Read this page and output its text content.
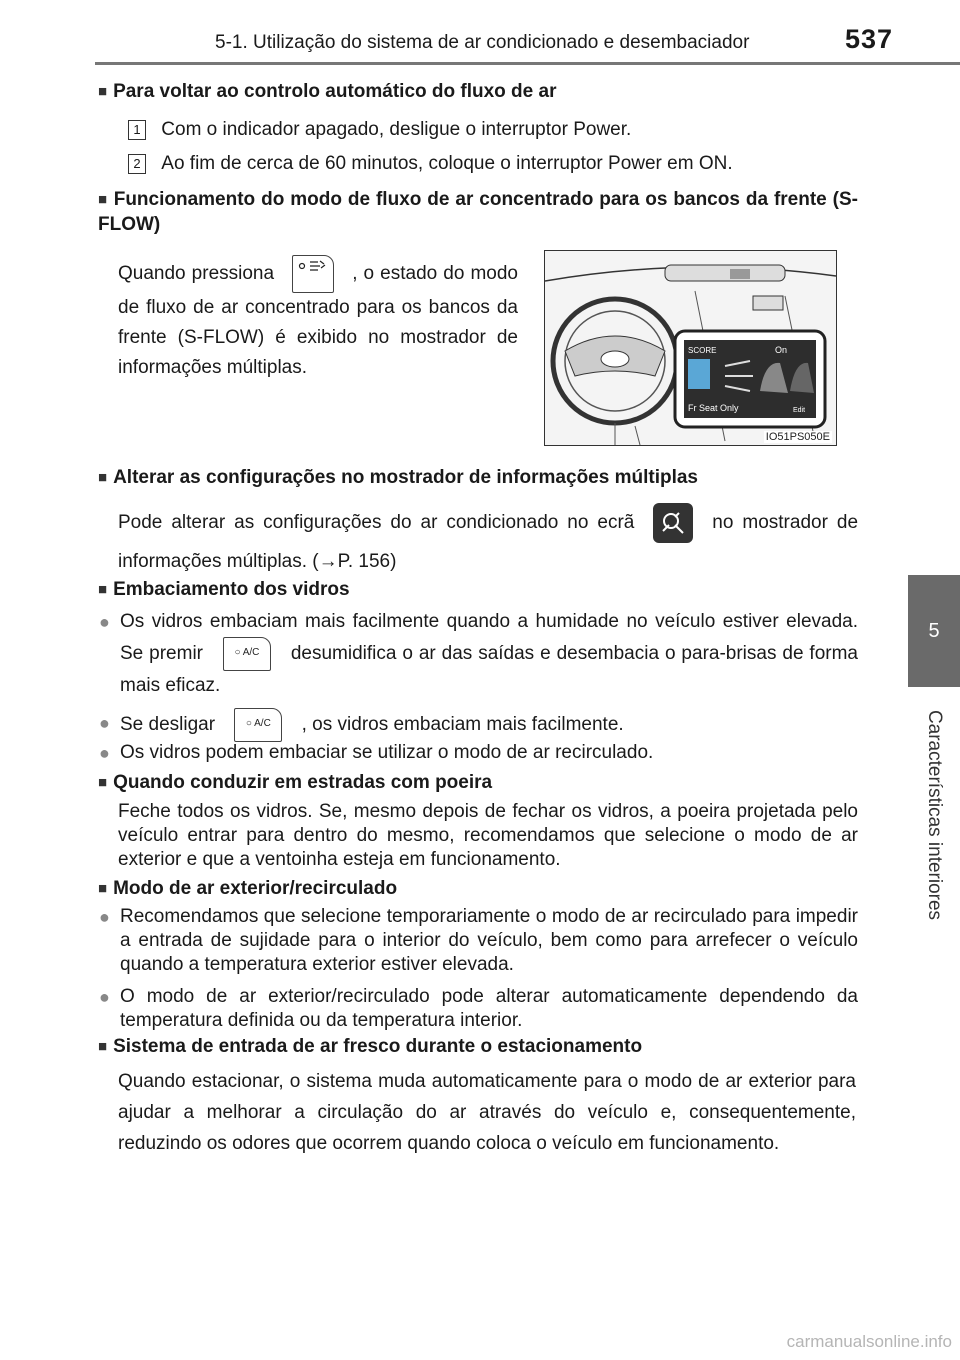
5-1. Utilização do sistema de ar condicionado e desembaciador	537
5
Características interiores
■ Para voltar ao controlo automático do fluxo de ar
1 Com o indicador apagado, desligue o interruptor Power.
2 Ao fim de cerca de 60 minutos, coloque o interruptor Power em ON.
■ Funcionamento do modo de fluxo de ar concentrado para os bancos da frente (S-FLOW)
Quando pressiona	, o estado do modo de fluxo de ar concentrado para os bancos da frente (S-FLOW) é exibido no mostrador de informações múltiplas.
SCORE	On
Fr Seat Only	Edit
IO51PS050E
■ Alterar as configurações no mostrador de informações múltiplas
Pode alterar as configurações do ar condicionado no ecrã	no mostrador de informações múltiplas. (→P. 156)
■ Embaciamento dos vidros
● Os vidros embaciam mais facilmente quando a humidade no veículo estiver elevada. Se premir	○ A/C desumidifica o ar das saídas e desembacia o para-brisas de forma mais eficaz.
● Se desligar	○ A/C , os vidros embaciam mais facilmente.
● Os vidros podem embaciar se utilizar o modo de ar recirculado.
■ Quando conduzir em estradas com poeira
Feche todos os vidros. Se, mesmo depois de fechar os vidros, a poeira projetada pelo veículo entrar para dentro do mesmo, recomendamos que selecione o modo de ar exterior e que a ventoinha esteja em funcionamento.
■ Modo de ar exterior/recirculado
● Recomendamos que selecione temporariamente o modo de ar recirculado para impedir a entrada de sujidade para o interior do veículo, bem como para arrefecer o veículo quando a temperatura exterior estiver elevada.
● O modo de ar exterior/recirculado pode alterar automaticamente dependendo da temperatura definida ou da temperatura interior.
■ Sistema de entrada de ar fresco durante o estacionamento
Quando estacionar, o sistema muda automaticamente para o modo de ar exterior para ajudar a melhorar a circulação do ar através do veículo e, consequentemente, reduzindo os odores que ocorrem quando coloca o veículo em funcionamento.
carmanualsonline.info
